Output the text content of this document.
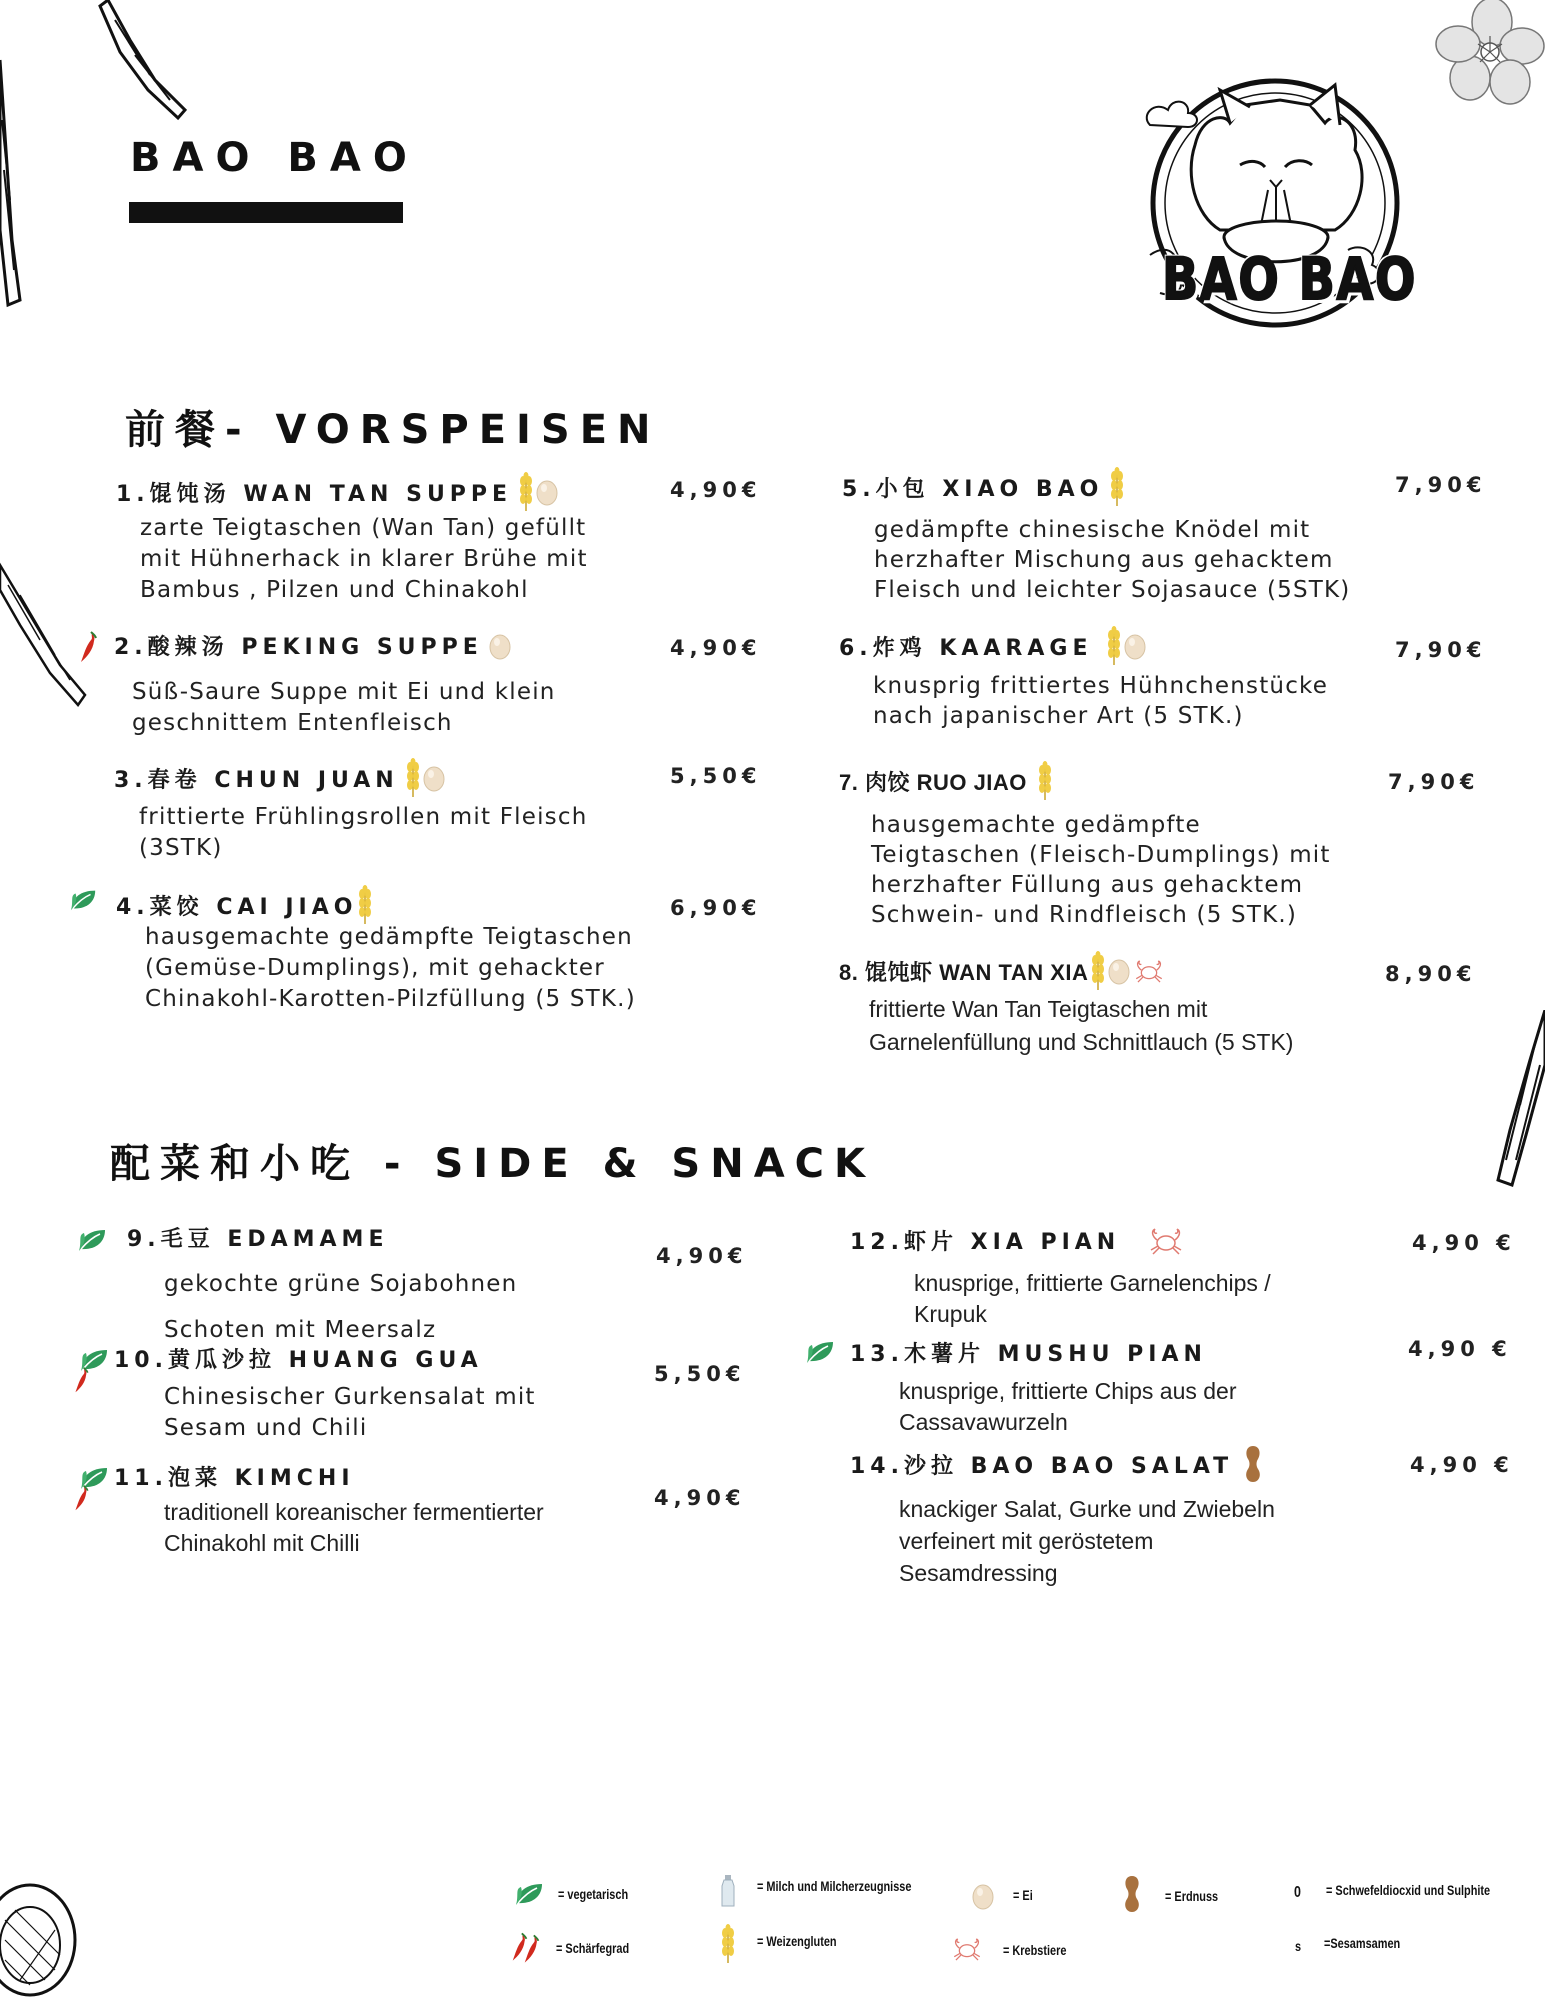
BAO BAO
BAO BAO
前餐- VORSPEISEN
1.馄饨汤 WAN TAN SUPPE	4,90€
zarte Teigtaschen (Wan Tan) gefüllt
mit Hühnerhack in klarer Brühe mit
Bambus , Pilzen und Chinakohl
2.酸辣汤 PEKING SUPPE	4,90€
Süß-Saure Suppe mit Ei und klein
geschnittem Entenfleisch
3.春卷 CHUN JUAN	5,50€
frittierte Frühlingsrollen mit Fleisch
(3STK)
4.菜饺 CAI JIAO	6,90€
hausgemachte gedämpfte Teigtaschen
(Gemüse-Dumplings), mit gehackter
Chinakohl-Karotten-Pilzfüllung (5 STK.)
5.小包 XIAO BAO	7,90€
gedämpfte chinesische Knödel mit
herzhafter Mischung aus gehacktem
Fleisch und leichter Sojasauce (5STK)
6.炸鸡 KAARAGE	7,90€
knusprig frittiertes Hühnchenstücke
nach japanischer Art (5 STK.)
7. 肉饺 RUO JIAO	7,90€
hausgemachte gedämpfte
Teigtaschen (Fleisch-Dumplings) mit
herzhafter Füllung aus gehacktem
Schwein- und Rindfleisch (5 STK.)
8. 馄饨虾 WAN TAN XIA	8,90€
frittierte Wan Tan Teigtaschen mit
Garnelenfüllung und Schnittlauch (5 STK)
配菜和小吃 - SIDE & SNACK
9.毛豆 EDAMAME
4,90€
gekochte grüne Sojabohnen
Schoten mit Meersalz
10.黄瓜沙拉 HUANG GUA
5,50€
Chinesischer Gurkensalat mit
Sesam und Chili
11.泡菜 KIMCHI
4,90€
traditionell koreanischer fermentierter
Chinakohl mit Chilli
12.虾片 XIA PIAN	4,90 €
knusprige, frittierte Garnelenchips /
Krupuk
13.木薯片 MUSHU PIAN	4,90 €
knusprige, frittierte Chips aus der
Cassavawurzeln
14.沙拉 BAO BAO SALAT	4,90 €
knackiger Salat, Gurke und Zwiebeln
verfeinert mit geröstetem
Sesamdressing
= vegetarisch
= Schärfegrad
= Milch und Milcherzeugnisse
= Weizengluten
= Ei
= Krebstiere
= Erdnuss	0 = Schwefeldiocxid und Sulphite
s =Sesamsamen
